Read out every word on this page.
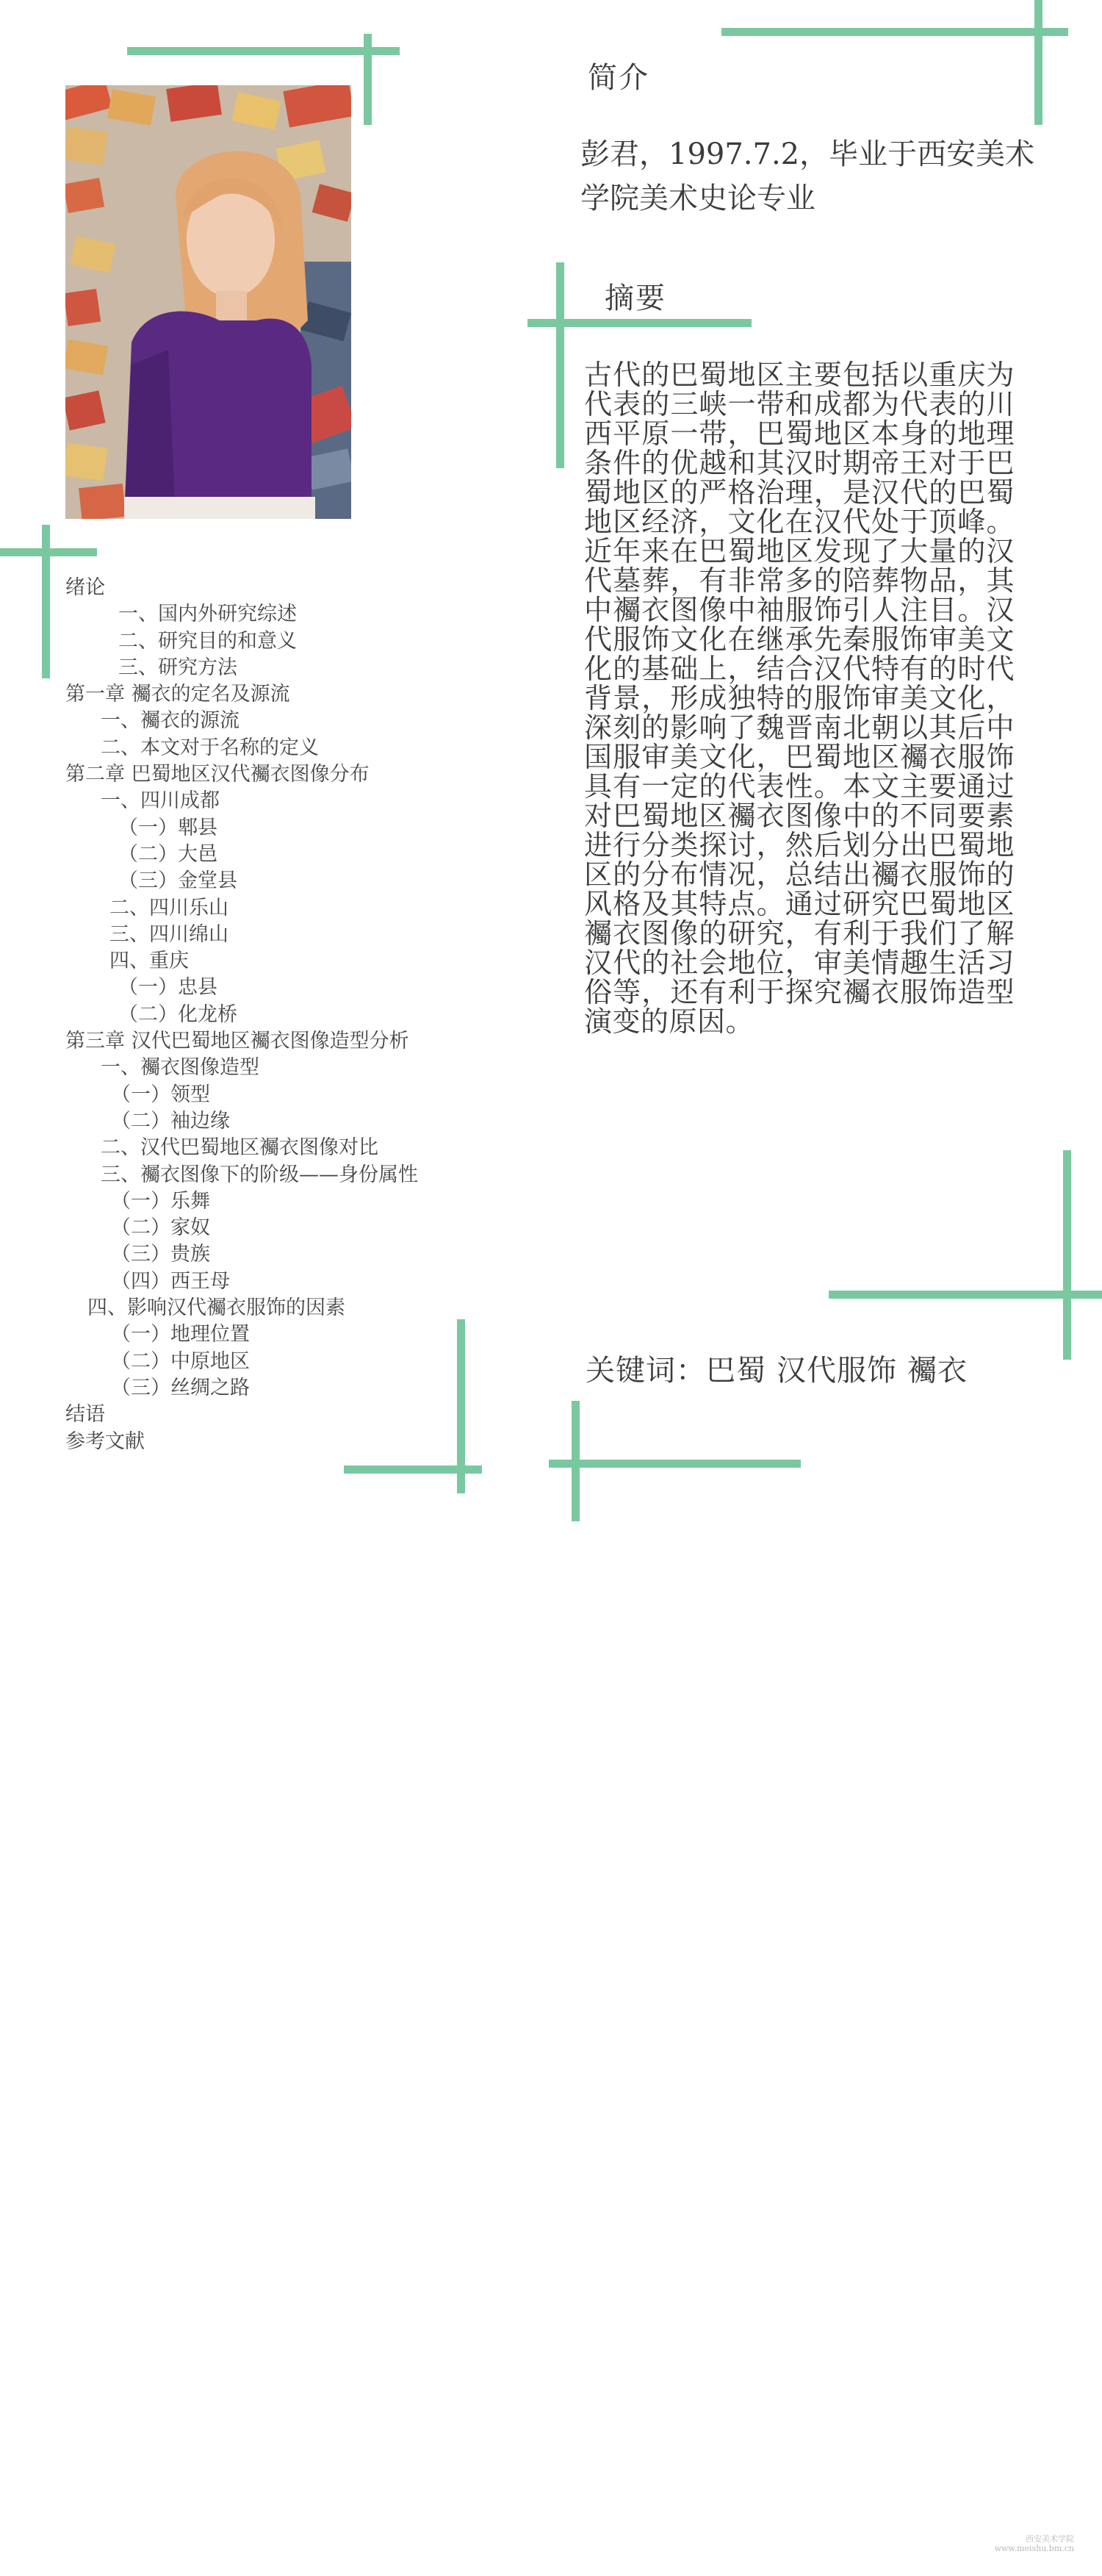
简介
彭君，1997.7.2，毕业于西安美术学院美术史论专业
摘要
古代的巴蜀地区主要包括以重庆为代表的三峡一带和成都为代表的川西平原一带，巴蜀地区本身的地理条件的优越和其汉时期帝王对于巴蜀地区的严格治理，是汉代的巴蜀地区经济，文化在汉代处于顶峰。近年来在巴蜀地区发现了大量的汉代墓葬，有非常多的陪葬物品，其中䙱衣图像中袖服饰引人注目。汉代服饰文化在继承先秦服饰审美文化的基础上，结合汉代特有的时代背景，形成独特的服饰审美文化，深刻的影响了魏晋南北朝以其后中国服审美文化，巴蜀地区䙱衣服饰具有一定的代表性。本文主要通过对巴蜀地区䙱衣图像中的不同要素进行分类探讨，然后划分出巴蜀地区的分布情况，总结出䙱衣服饰的风格及其特点。通过研究巴蜀地区䙱衣图像的研究，有利于我们了解汉代的社会地位，审美情趣生活习俗等，还有利于探究䙱衣服饰造型演变的原因。
关键词：巴蜀 汉代服饰 䙱衣
绪论
一、国内外研究综述
二、研究目的和意义
三、研究方法
第一章 䙱衣的定名及源流
一、䙱衣的源流
二、本文对于名称的定义
第二章 巴蜀地区汉代䙱衣图像分布
一、四川成都
（一）郫县
（二）大邑
（三）金堂县
二、四川乐山
三、四川绵山
四、重庆
（一）忠县
（二）化龙桥
第三章 汉代巴蜀地区䙱衣图像造型分析
一、䙱衣图像造型
（一）领型
（二）袖边缘
二、汉代巴蜀地区䙱衣图像对比
三、䙱衣图像下的阶级——身份属性
（一）乐舞
（二）家奴
（三）贵族
（四）西王母
四、影响汉代䙱衣服饰的因素
（一）地理位置
（二）中原地区
（三）丝绸之路
结语
参考文献
西安美术学院
www.meishu.bm.cn
